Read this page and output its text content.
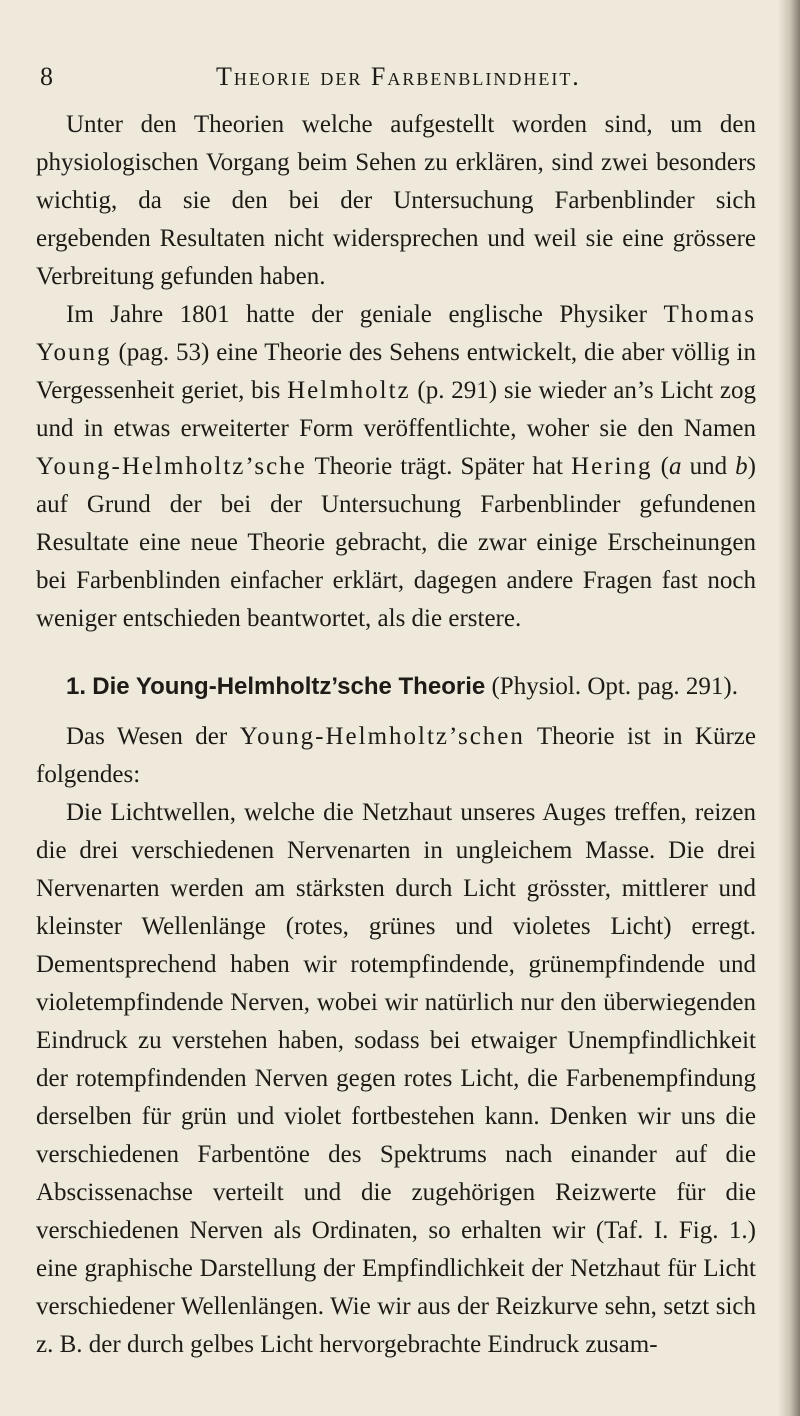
8	Theorie der Farbenblindheit.

Unter den Theorien welche aufgestellt worden sind, um den physiologischen Vorgang beim Sehen zu erklären, sind zwei besonders wichtig, da sie den bei der Untersuchung Farbenblinder sich ergebenden Resultaten nicht widersprechen und weil sie eine grössere Verbreitung gefunden haben.

Im Jahre 1801 hatte der geniale englische Physiker Thomas Young (pag. 53) eine Theorie des Sehens entwickelt, die aber völlig in Vergessenheit geriet, bis Helmholtz (p. 291) sie wieder an’s Licht zog und in etwas erweiterter Form veröffentlichte, woher sie den Namen Young-Helmholtz’sche Theorie trägt. Später hat Hering (a und b) auf Grund der bei der Untersuchung Farbenblinder gefundenen Resultate eine neue Theorie gebracht, die zwar einige Erscheinungen bei Farbenblinden einfacher erklärt, dagegen andere Fragen fast noch weniger entschieden beantwortet, als die erstere.

1. Die Young-Helmholtz’sche Theorie (Physiol. Opt. pag. 291).

Das Wesen der Young-Helmholtz’schen Theorie ist in Kürze folgendes:

Die Lichtwellen, welche die Netzhaut unseres Auges treffen, reizen die drei verschiedenen Nervenarten in ungleichem Masse. Die drei Nervenarten werden am stärksten durch Licht grösster, mittlerer und kleinster Wellenlänge (rotes, grünes und violetes Licht) erregt. Dementsprechend haben wir rotempfindende, grünempfindende und violetempfindende Nerven, wobei wir natürlich nur den überwiegenden Eindruck zu verstehen haben, sodass bei etwaiger Unempfindlichkeit der rotempfindenden Nerven gegen rotes Licht, die Farbenempfindung derselben für grün und violet fortbestehen kann. Denken wir uns die verschiedenen Farbentöne des Spektrums nach einander auf die Abscissenachse verteilt und die zugehörigen Reizwerte für die verschiedenen Nerven als Ordinaten, so erhalten wir (Taf. I. Fig. 1.) eine graphische Darstellung der Empfindlichkeit der Netzhaut für Licht verschiedener Wellenlängen. Wie wir aus der Reizkurve sehn, setzt sich z. B. der durch gelbes Licht hervorgebrachte Eindruck zusam-
